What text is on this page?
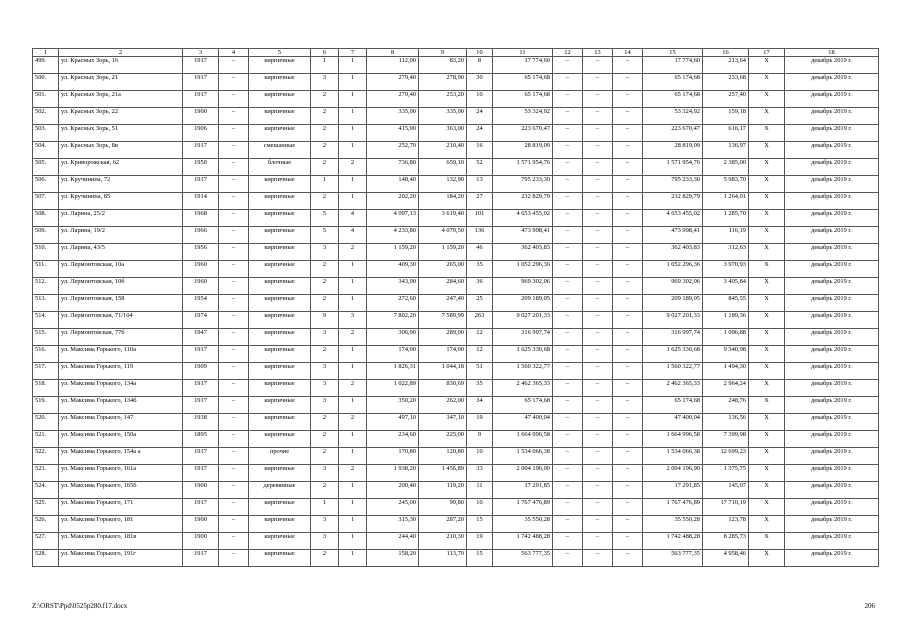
1	2	3	4	5	6	7	8	9	10	11	12	13	14	15	16	17	18
499.	ул. Красных Зорь, 16	1917	–	кирпичные	1	1	112,00	83,20	8	17 774,60	–	–	–	17 774,60	213,64	X	декабрь 2019 г.
500.	ул. Красных Зорь, 21	1917	–	кирпичные	3	1	279,40	278,90	30	65 174,68	–	–	–	65 174,68	233,68	X	декабрь 2019 г.
501.	ул. Красных Зорь, 21а	1917	–	кирпичные	2	1	279,40	253,20	10	65 174,68	–	–	–	65 174,68	257,40	X	декабрь 2019 г.
502.	ул. Красных Зорь, 22	1900	–	кирпичные	2	1	335,00	335,00	24	53 324,92	–	–	–	53 324,92	159,18	X	декабрь 2019 г.
503.	ул. Красных Зорь, 51	1906	–	кирпичные	2	1	415,90	363,00	24	223 670,47	–	–	–	223 670,47	616,17	X	декабрь 2019 г.
504.	ул. Красных Зорь, 8в	1917	–	смешанные	2	1	252,70	210,40	16	28 819,09	–	–	–	28 819,09	136,97	X	декабрь 2019 г.
505.	ул. Криворожская, 62	1950	–	блочные	2	2	736,80	659,10	52	1 571 954,76	–	–	–	1 571 954,76	2 385,00	X	декабрь 2019 г.
506.	ул. Кручинина, 72	1917	–	кирпичные	1	1	148,40	132,90	13	795 233,30	–	–	–	795 233,30	5 983,70	X	декабрь 2019 г.
507.	ул. Кручинина, 85	1914	–	кирпичные	2	1	202,20	184,20	27	232 829,79	–	–	–	232 829,79	1 264,01	X	декабрь 2019 г.
508.	ул. Ларина, 25/2	1968	–	кирпичные	5	4	4 097,13	3 619,40	101	4 653 455,02	–	–	–	4 653 455,02	1 285,70	X	декабрь 2019 г.
509.	ул. Ларина, 19/2	1966	–	кирпичные	5	4	4 233,80	4 079,50	136	473 998,41	–	–	–	473 998,41	116,19	X	декабрь 2019 г.
510.	ул. Ларина, 43/5	1956	–	кирпичные	3	2	1 159,20	1 159,20	46	362 403,83	–	–	–	362 403,83	312,63	X	декабрь 2019 г.
511.	ул. Лермонтовская, 10а	1960	–	кирпичные	2	1	409,30	265,00	35	1 052 296,36	–	–	–	1 052 296,36	3 970,93	X	декабрь 2019 г.
512.	ул. Лермонтовская, 10б	1960	–	кирпичные	2	1	343,00	284,60	36	969 302,06	–	–	–	969 302,06	3 405,84	X	декабрь 2019 г.
513.	ул. Лермонтовская, 158	1954	–	кирпичные	2	1	272,60	247,40	25	209 189,05	–	–	–	209 189,05	845,55	X	декабрь 2019 г.
514.	ул. Лермонтовская, 71/104	1974	–	кирпичные	9	3	7 802,20	7 589,99	263	9 027 201,33	–	–	–	9 027 201,33	1 189,36	X	декабрь 2019 г.
515.	ул. Лермонтовская, 77б	1947	–	кирпичные	3	2	306,90	289,00	12	316 997,74	–	–	–	316 997,74	1 096,88	X	декабрь 2019 г.
516.	ул. Максима Горького, 110а	1917	–	кирпичные	2	1	174,00	174,00	12	1 625 330,68	–	–	–	1 625 330,68	9 340,98	X	декабрь 2019 г.
517.	ул. Максима Горького, 119	1909	–	кирпичные	3	1	1 826,31	1 044,18	51	1 560 322,77	–	–	–	1 560 322,77	1 494,30	X	декабрь 2019 г.
518.	ул. Максима Горького, 134а	1917	–	кирпичные	3	2	1 022,89	830,69	35	2 462 365,33	–	–	–	2 462 365,33	2 964,24	X	декабрь 2019 г.
519.	ул. Максима Горького, 134б	1917	–	кирпичные	3	1	350,20	262,00	34	65 174,68	–	–	–	65 174,68	248,76	X	декабрь 2019 г.
520.	ул. Максима Горького, 147	1938	–	кирпичные	2	2	497,10	347,10	19	47 400,04	–	–	–	47 400,04	136,56	X	декабрь 2019 г.
521.	ул. Максима Горького, 150а	1895	–	кирпичные	2	1	234,60	225,00	9	1 664 996,58	–	–	–	1 664 996,58	7 399,98	X	декабрь 2019 г.
522.	ул. Максима Горького, 154а а	1917	–	прочие	2	1	170,80	120,80	10	1 534 066,38	–	–	–	1 534 066,38	12 699,23	X	декабрь 2019 г.
523.	ул. Максима Горького, 161а	1917	–	кирпичные	3	2	1 938,20	1 456,89	33	2 004 196,90	–	–	–	2 004 196,90	1 375,75	X	декабрь 2019 г.
524.	ул. Максима Горького, 165б	1900	–	деревянные	2	1	200,40	119,20	11	17 291,85	–	–	–	17 291,85	145,07	X	декабрь 2019 г.
525.	ул. Максима Горького, 171	1917	–	кирпичные	1	1	245,00	99,80	10	1 767 476,89	–	–	–	1 767 476,89	17 710,19	X	декабрь 2019 г.
526.	ул. Максима Горького, 181	1900	–	кирпичные	3	1	315,30	287,20	15	35 550,28	–	–	–	35 550,28	123,78	X	декабрь 2019 г.
527.	ул. Максима Горького, 181в	1900	–	кирпичные	3	1	244,40	210,30	19	1 742 488,28	–	–	–	1 742 488,28	8 285,73	X	декабрь 2019 г.
528.	ул. Максима Горького, 191г	1917	–	кирпичные	2	1	158,20	113,70	15	563 777,35	–	–	–	563 777,35	4 958,46	X	декабрь 2019 г.
Z:\ORST\Ppd\0525p280.f17.docx	206
